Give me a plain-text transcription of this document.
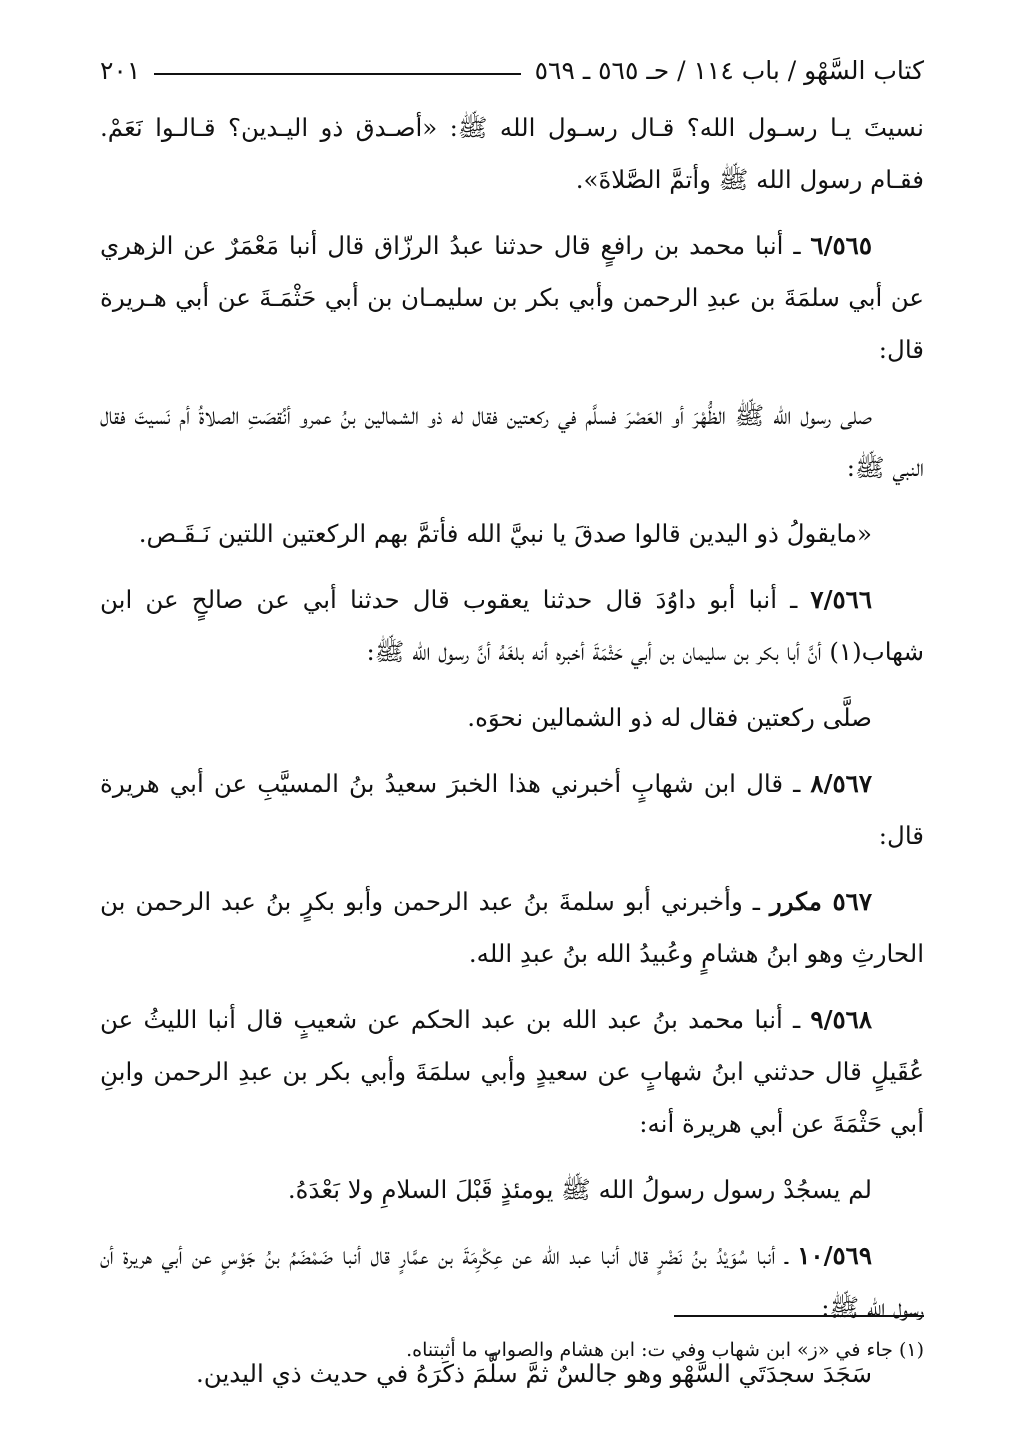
كتاب السَّهْو / باب ١١٤ / حـ ٥٦٥ ـ ٥٦٩
٢٠١

نسيتَ يـا رسـول الله؟ قـال رسـول الله ﷺ: «أصـدق ذو اليـدين؟ قـالـوا نَعَمْ. فقـام رسول الله ﷺ وأتمَّ الصَّلاةَ».

٦/٥٦٥ ـ أنبا محمد بن رافعٍ قال حدثنا عبدُ الرزّاق قال أنبا مَعْمَرٌ عن الزهري عن أبي سلمَةَ بن عبدِ الرحمن وأبي بكر بن سليمـان بن أبي حَثْمَـةَ عن أبي هـريرة قال:

صلى رسول الله ﷺ الظُّهْرَ أو العَصْرَ فسلَّم في ركعتين فقال له ذو الشمالين بنُ عمرو أنُقصَتِ الصلاةُ أم نَسيتَ فقال النبي ﷺ:

«مايقولُ ذو اليدين قالوا صدقَ يا نبيَّ الله فأتمَّ بهم الركعتين اللتين نَـقَـص.

٧/٥٦٦ ـ أنبا أبو داوُدَ قال حدثنا يعقوب قال حدثنا أبي عن صالحٍ عن ابن شهاب(١) أنَّ أبا بكر بن سليمان بن أبي حَثْمَةَ أخبره أنه بلغَهُ أنَّ رسول الله ﷺ:

صلَّى ركعتين فقال له ذو الشمالين نحوَه.

٨/٥٦٧ ـ قال ابن شهابٍ أخبرني هذا الخبرَ سعيدُ بنُ المسيَّبِ عن أبي هريرة قال:

٥٦٧ مكرر ـ وأخبرني أبو سلمةَ بنُ عبد الرحمن وأبو بكرٍ بنُ عبد الرحمن بن الحارثِ وهو ابنُ هشامٍ وعُبيدُ الله بنُ عبدِ الله.

٩/٥٦٨ ـ أنبا محمد بنُ عبد الله بن عبد الحكم عن شعيبٍ قال أنبا الليثُ عن عُقَيلٍ قال حدثني ابنُ شهابٍ عن سعيدٍ وأبي سلمَةَ وأبي بكر بن عبدِ الرحمن وابنِ أبي حَثْمَةَ عن أبي هريرة أنه:

لم يسجُدْ رسول رسولُ الله ﷺ يومئذٍ قَبْلَ السلامِ ولا بَعْدَهُ.

١٠/٥٦٩ ـ أنبا سُوَيْدُ بنُ نَضْرٍ قال أنبا عبد الله عن عِكْرِمَةَ بن عمَّارٍ قال أنبا ضَمْضَمُ بنُ جَوْسٍ عن أبي هريرة أن رسول الله ﷺ:

سَجَدَ سجدَتَي السَّهْو وهو جالسٌ ثمَّ سلَّمَ ذكَرَهُ في حديث ذي اليدين.

(١) جاء في «ز» ابن شهاب وفي ت: ابن هشام والصواب ما أثبتناه.
